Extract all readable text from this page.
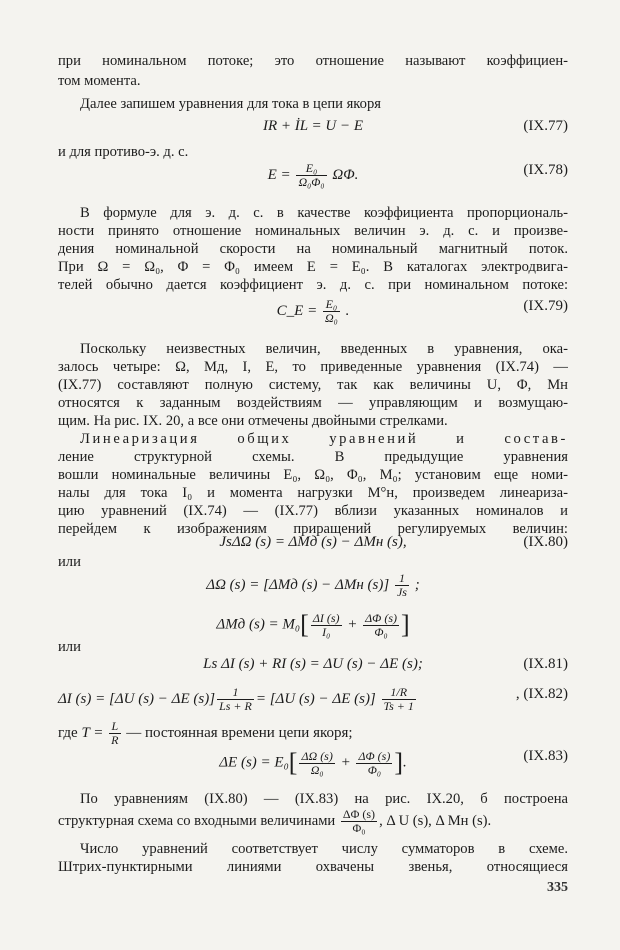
при номинальном потоке; это отношение называют коэффициен-
том момента.
Далее запишем уравнения для тока в цепи якоря
IR + İL = U − E	(IX.77)
и для противо-э. д. с.
$E = \frac{\text{E₀}}{\text{Ω₀Φ₀}} \Omega\Phi$.	(IX.78)
В формуле для э. д. с. в качестве коэффициента пропорциональ-
ности принято отношение номинальных величин э. д. с. и произве-
дения номинальной скорости на номинальный магнитный поток.
При Ω = Ω₀, Φ = Φ₀ имеем E = E₀. В каталогах электродвига-
телей обычно дается коэффициент э. д. с. при номинальном потоке:
C_E = $\frac{\text{E₀}}{\text{Ω₀}}$ .	(IX.79)
Поскольку неизвестных величин, введенных в уравнения, ока-
залось четыре: Ω, Mд, I, E, то приведенные уравнения (IX.74) —
(IX.77) составляют полную систему, так как величины U, Φ, Mн
относятся к заданным воздействиям — управляющим и возмущаю-
щим. На рис. IX. 20, а все они отмечены двойными стрелками.
Линеаризация общих уравнений и состав-
ление структурной схемы. В предыдущие уравнения
вошли номинальные величины E₀, Ω₀, Φ₀, M₀; установим еще номи-
налы для тока I₀ и момента нагрузки M°н, произведем линеариза-
цию уравнений (IX.74) — (IX.77) вблизи указанных номиналов и
перейдем к изображениям приращений регулируемых величин:
JsΔΩ (s) = ΔMд (s) − ΔMн (s),	(IX.80)
или
ΔΩ (s) = [ΔMд (s) − ΔMн $(s)] \frac{1}{Js}$ ;
ΔMд $(s) = M_0[ \frac{\Delta I (s)}{\text{I₀}} + \frac{\Delta\Phi (s)}{\text{Φ₀}}$ ]
или
Ls ΔI (s) + RI (s) = ΔU (s) − ΔE (s);	(IX.81)
ΔI (s) = [ΔU (s) − ΔE $(s)] \frac{1}{Ls + R} = [\Delta U$ (s) − ΔE $(s)] \frac{1/R}{Ts + 1}$	, (IX.82)
где $T = \frac{L}{R}$ — постоянная времени цепи якоря;
ΔE $(s) = E_0[ \frac{\Delta\Omega (s)}{\text{Ω₀}} + \frac{\Delta\Phi (s)}{\text{Φ₀}}$ ].	(IX.83)
По уравнениям (IX.80) — (IX.83) на рис. IX.20, б построена
структурная схема со входными величинами $\frac{\Delta\Phi (s)}{\text{Φ₀}}$ , Δ U (s), Δ Mн (s).
Число уравнений соответствует числу сумматоров в схеме.
Штрих-пунктирными линиями охвачены звенья, относящиеся
335
